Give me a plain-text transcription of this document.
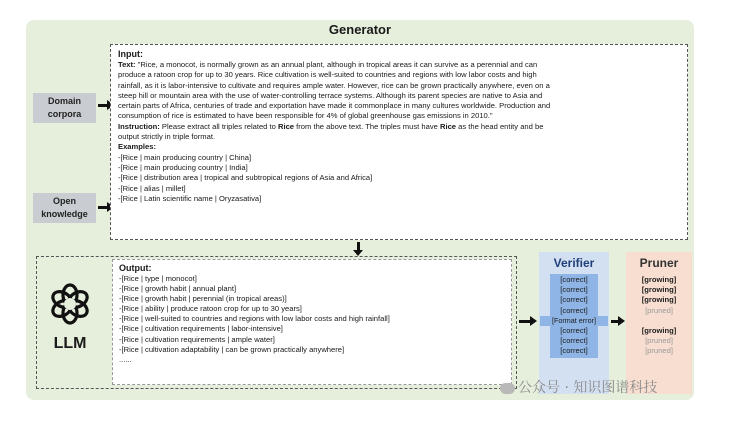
Generator
Domain
corpora
Open
knowledge
Input:
Text: "Rice, a monocot, is normally grown as an annual plant, although in tropical areas it can survive as a perennial and can
produce a ratoon crop for up to 30 years. Rice cultivation is well-suited to countries and regions with low labor costs and high
rainfall, as it is labor-intensive to cultivate and requires ample water. However, rice can be grown practically anywhere, even on a
steep hill or mountain area with the use of water-controlling terrace systems. Although its parent species are native to Asia and
certain parts of Africa, centuries of trade and exportation have made it commonplace in many cultures worldwide. Production and
consumption of rice is estimated to have been responsible for 4% of global greenhouse gas emissions in 2010."
Instruction: Please extract all triples related to Rice from the above text. The triples must have Rice as the head entity and be
output strictly in triple format.
Examples:
-[Rice | main producing country | China]
-[Rice | main producing country | India]
-[Rice | distribution area | tropical and subtropical regions of Asia and Africa]
-[Rice | alias | millet]
-[Rice | Latin scientific name | Oryzasativa]
LLM
Output:
-[Rice | type | monocot]
-[Rice | growth habit | annual plant]
-[Rice | growth habit | perennial (in tropical areas)]
-[Rice | ability | produce ratoon crop for up to 30 years]
-[Rice | well-suited to countries and regions with low labor costs and high rainfall]
-[Rice | cultivation requirements | labor-intensive]
-[Rice | cultivation requirements | ample water]
-[Rice | cultivation adaptability | can be grown practically anywhere]
......
Verifier
[correct]
[correct]
[correct]
[correct]
[Format error]
[correct]
[correct]
[correct]
Pruner
[growing]
[growing]
[growing]
[pruned]

[growing]
[pruned]
[pruned]
公众号 · 知识图谱科技
